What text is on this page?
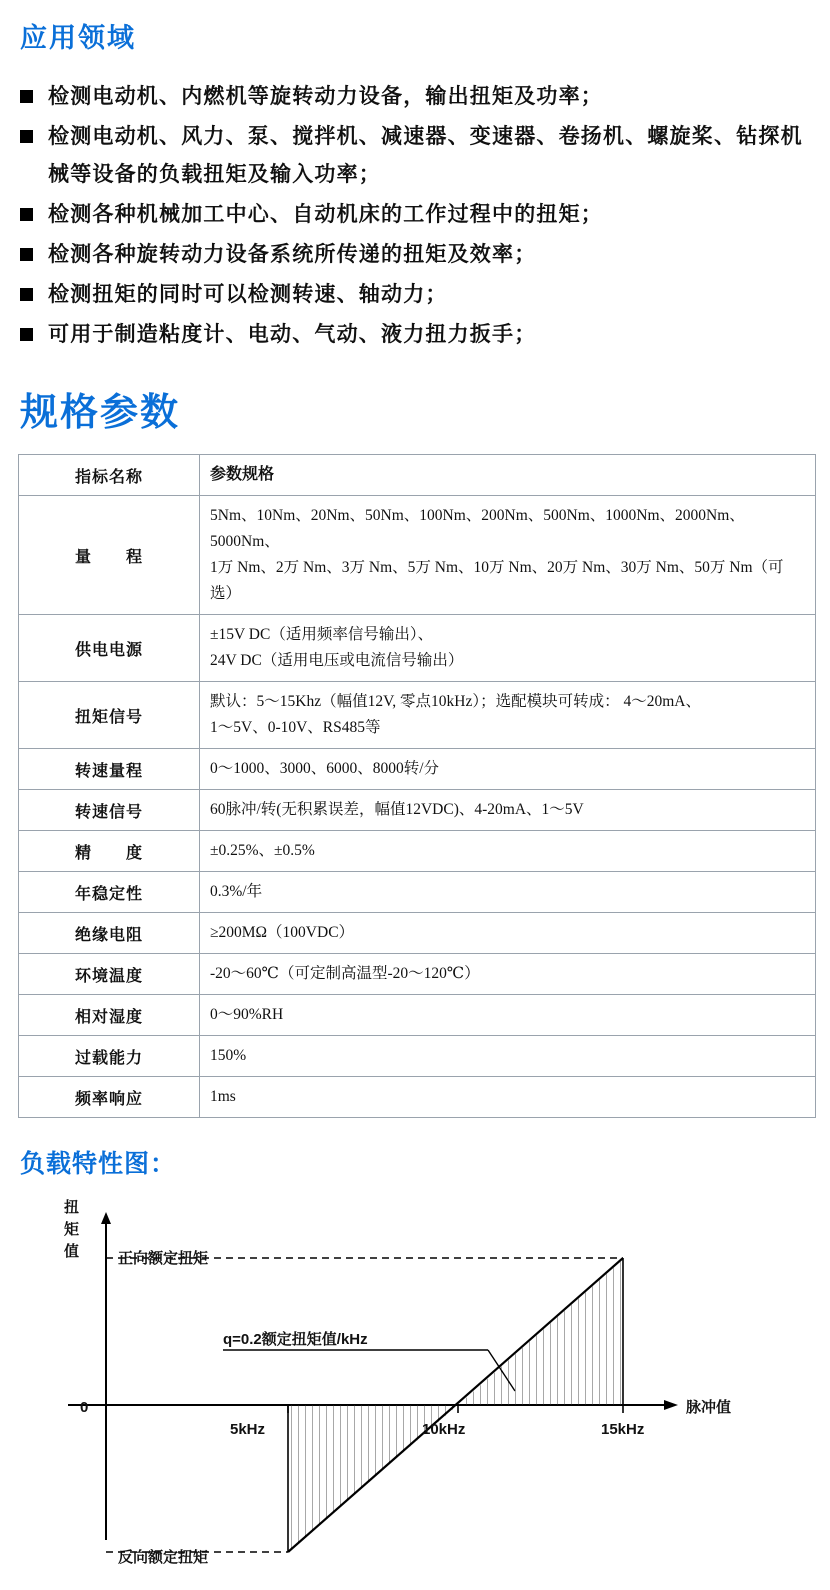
应用领域
检测电动机、内燃机等旋转动力设备，输出扭矩及功率；
检测电动机、风力、泵、搅拌机、减速器、变速器、卷扬机、螺旋桨、钻探机械等设备的负载扭矩及输入功率；
检测各种机械加工中心、自动机床的工作过程中的扭矩；
检测各种旋转动力设备系统所传递的扭矩及效率；
检测扭矩的同时可以检测转速、轴动力；
可用于制造粘度计、电动、气动、液力扭力扳手；
规格参数
指标名称	参数规格
量　　程	5Nm、10Nm、20Nm、50Nm、100Nm、200Nm、500Nm、1000Nm、2000Nm、5000Nm、
1万 Nm、2万 Nm、3万 Nm、5万 Nm、10万 Nm、20万 Nm、30万 Nm、50万 Nm（可选）

供电电源	±15V DC（适用频率信号输出）、
24V DC（适用电压或电流信号输出）

扭矩信号	默认：5～15Khz（幅值12V, 零点10kHz）；选配模块可转成： 4～20mA、
1～5V、0-10V、RS485等

转速量程	0～1000、3000、6000、8000转/分
转速信号	60脉冲/转(无积累误差，幅值12VDC)、4-20mA、1～5V
精　　度	±0.25%、±0.5%
年稳定性	0.3%/年
绝缘电阻	≥200MΩ（100VDC）
环境温度	-20～60℃（可定制高温型-20～120℃）
相对湿度	0～90%RH
过载能力	150%
频率响应	1ms
负载特性图：
扭
矩
值
0
正向额定扭矩
q=0.2额定扭矩值/kHz
反向额定扭矩
5kHz	10kHz	15kHz
脉冲值
